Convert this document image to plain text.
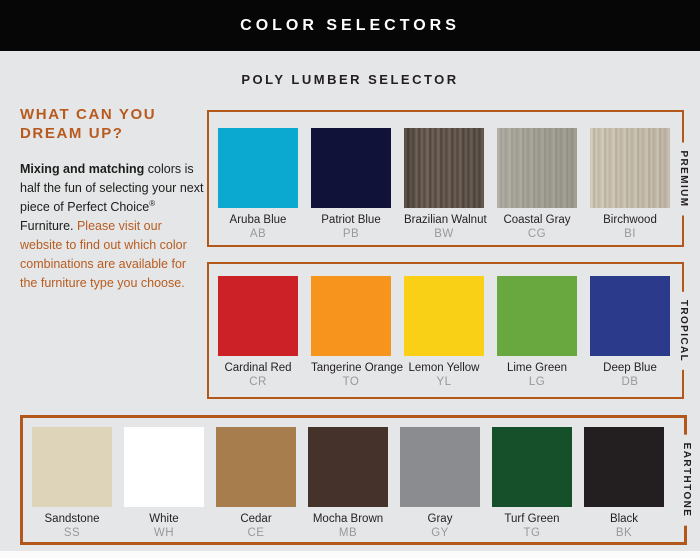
COLOR SELECTORS
POLY LUMBER SELECTOR
WHAT CAN YOU
DREAM UP?

Mixing and matching colors is half the fun of selecting your next piece of Perfect Choice® Furniture. Please visit our website to find out which color combinations are available for the furniture type you choose.

Aruba Blue
AB
Patriot Blue
PB
Brazilian Walnut
BW
Coastal Gray
CG
Birchwood
BI
PREMIUM
Cardinal Red
CR
Tangerine Orange
TO
Lemon Yellow
YL
Lime Green
LG
Deep Blue
DB
TROPICAL
Sandstone
SS
White
WH
Cedar
CE
Mocha Brown
MB
Gray
GY
Turf Green
TG
Black
BK
EARTHTONE
